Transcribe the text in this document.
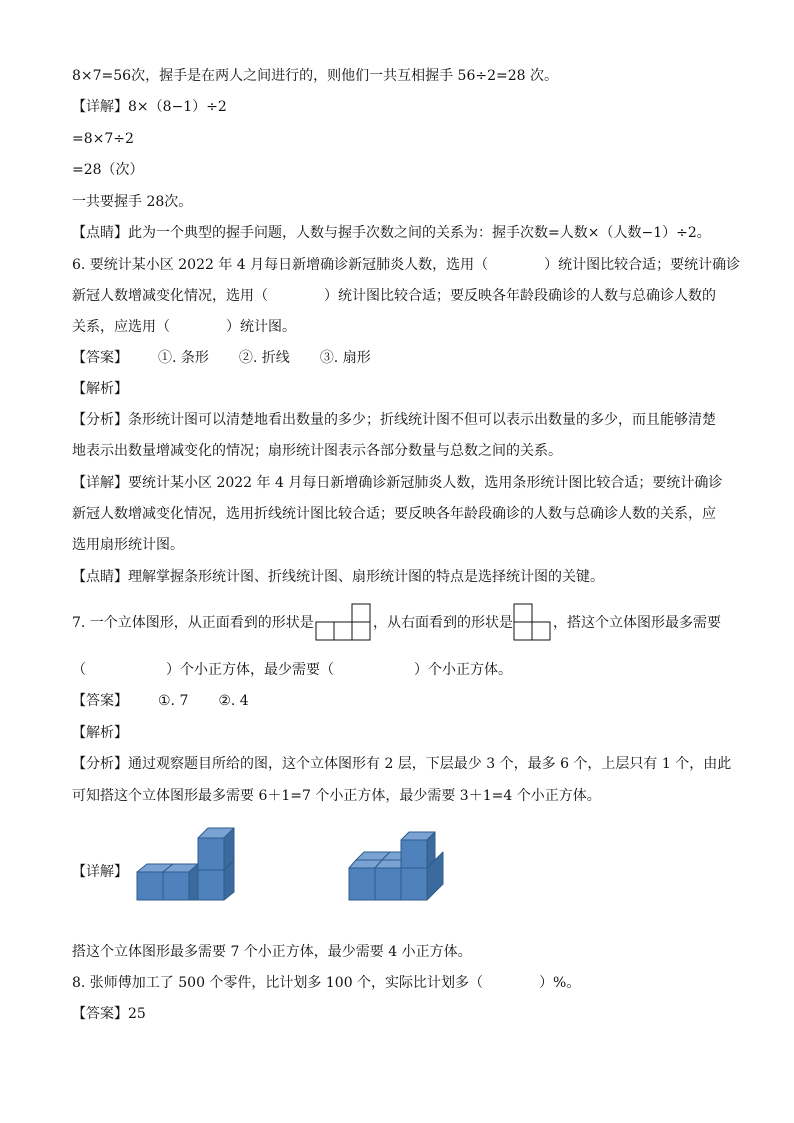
8×7=56次，握手是在两人之间进行的，则他们一共互相握手 56÷2=28 次。
【详解】8×（8−1）÷2
=8×7÷2
=28（次）
一共要握手 28次。
【点睛】此为一个典型的握手问题，人数与握手次数之间的关系为：握手次数=人数×（人数−1）÷2。
6. 要统计某小区 2022 年 4 月每日新增确诊新冠肺炎人数，选用（	）统计图比较合适；要统计确诊
新冠人数增减变化情况，选用（	）统计图比较合适；要反映各年龄段确诊的人数与总确诊人数的
关系，应选用（	）统计图。
【答案】 ①. 条形 ②. 折线 ③. 扇形
【解析】
【分析】条形统计图可以清楚地看出数量的多少；折线统计图不但可以表示出数量的多少，而且能够清楚
地表示出数量增减变化的情况；扇形统计图表示各部分数量与总数之间的关系。
【详解】要统计某小区 2022 年 4 月每日新增确诊新冠肺炎人数，选用条形统计图比较合适；要统计确诊
新冠人数增减变化情况，选用折线统计图比较合适；要反映各年龄段确诊的人数与总确诊人数的关系，应
选用扇形统计图。
【点睛】理解掌握条形统计图、折线统计图、扇形统计图的特点是选择统计图的关键。
7. 一个立体图形，从正面看到的形状是	，从右面看到的形状是	，搭这个立体图形最多需要
（	）个小正方体，最少需要（	）个小正方体。
【答案】 ①. 7 ②. 4
【解析】
【分析】通过观察题目所给的图，这个立体图形有 2 层，下层最少 3 个，最多 6 个，上层只有 1 个，由此
可知搭这个立体图形最多需要 6＋1=7 个小正方体，最少需要 3＋1=4 个小正方体。
【详解】
搭这个立体图形最多需要 7 个小正方体，最少需要 4 小正方体。
8. 张师傅加工了 500 个零件，比计划多 100 个，实际比计划多（	）%。
【答案】25
